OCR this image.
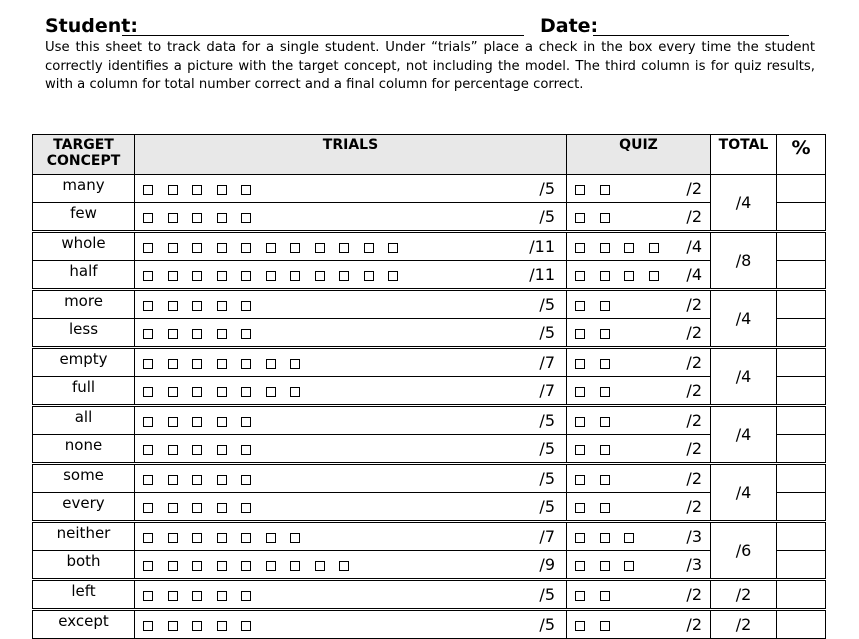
Student:	Date:
Use this sheet to track data for a single student. Under “trials” place a check in the box every time the student correctly identifies a picture with the target concept, not including the model. The third column is for quiz results, with a column for total number correct and a final column for percentage correct.
TARGET
CONCEPT	TRIALS	QUIZ	TOTAL	%
many	/5	/2	/4	
few	/5	/2		

whole	/11	/4	/8	
half	/11	/4		

more	/5	/2	/4	
less	/5	/2		

empty	/7	/2	/4	
full	/7	/2		

all	/5	/2	/4	
none	/5	/2		

some	/5	/2	/4	
every	/5	/2		

neither	/7	/3	/6	
both	/9	/3		

left	/5	/2	/2	
except	/5	/2	/2	
